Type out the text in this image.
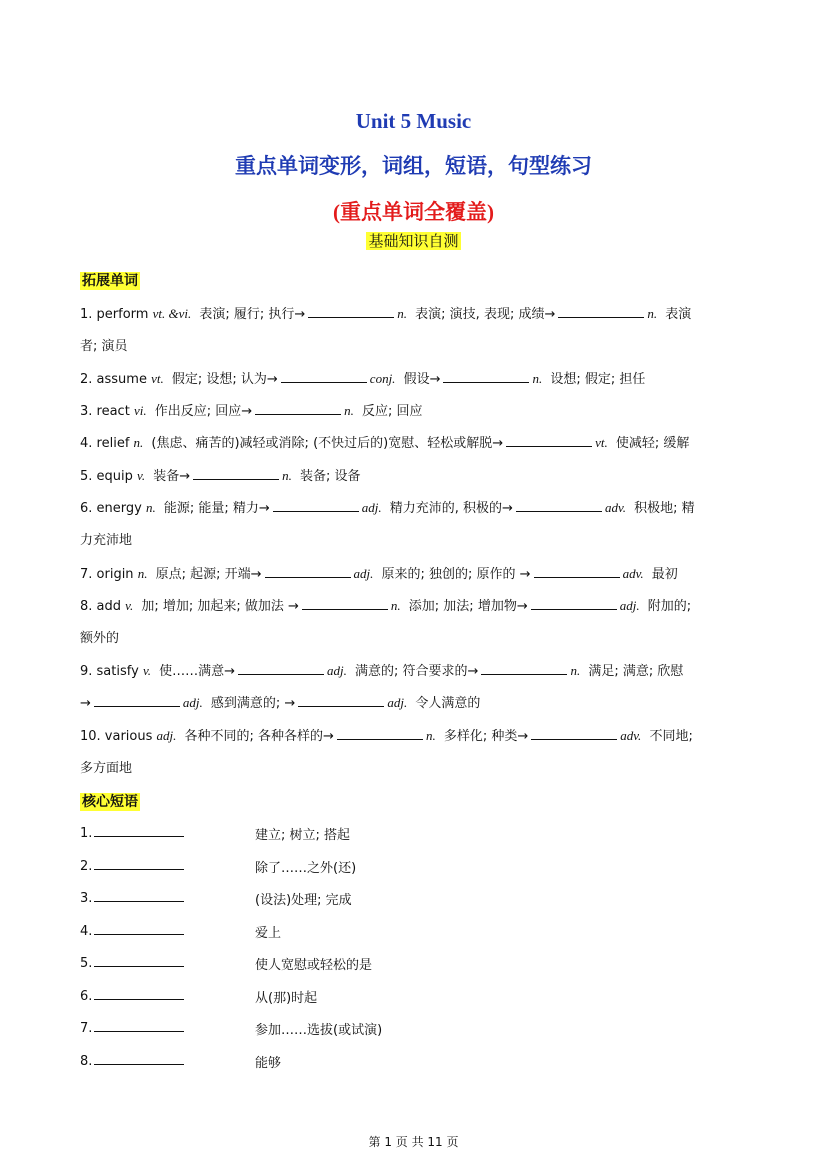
Unit 5 Music
重点单词变形，词组，短语，句型练习
(重点单词全覆盖)
基础知识自测
拓展单词
1. perform vt. &vi. 表演; 履行; 执行→	n. 表演; 演技, 表现; 成绩→	n. 表演
者; 演员
2. assume vt. 假定; 设想; 认为→	conj. 假设→	n. 设想; 假定; 担任
3. react vi. 作出反应; 回应→	n. 反应; 回应
4. relief n. (焦虑、痛苦的)减轻或消除; (不快过后的)宽慰、轻松或解脱→	vt. 使减轻; 缓解
5. equip v. 装备→	n. 装备; 设备
6. energy n. 能源; 能量; 精力→	adj. 精力充沛的, 积极的→	adv. 积极地; 精
力充沛地
7. origin n. 原点; 起源; 开端→	adj. 原来的; 独创的; 原作的 →	adv. 最初
8. add v. 加; 增加; 加起来; 做加法 →	n. 添加; 加法; 增加物→	adj. 附加的;
额外的
9. satisfy v. 使……满意→	adj. 满意的; 符合要求的→	n. 满足; 满意; 欣慰
→	adj. 感到满意的; →	adj. 令人满意的
10. various adj. 各种不同的; 各种各样的→	n. 多样化; 种类→	adv. 不同地;
多方面地
核心短语
1.	建立; 树立; 搭起
2.	除了……之外(还)
3.	(设法)处理; 完成
4.	爱上
5.	使人宽慰或轻松的是
6.	从(那)时起
7.	参加……选拔(或试演)
8.	能够
第 1 页 共 11 页
